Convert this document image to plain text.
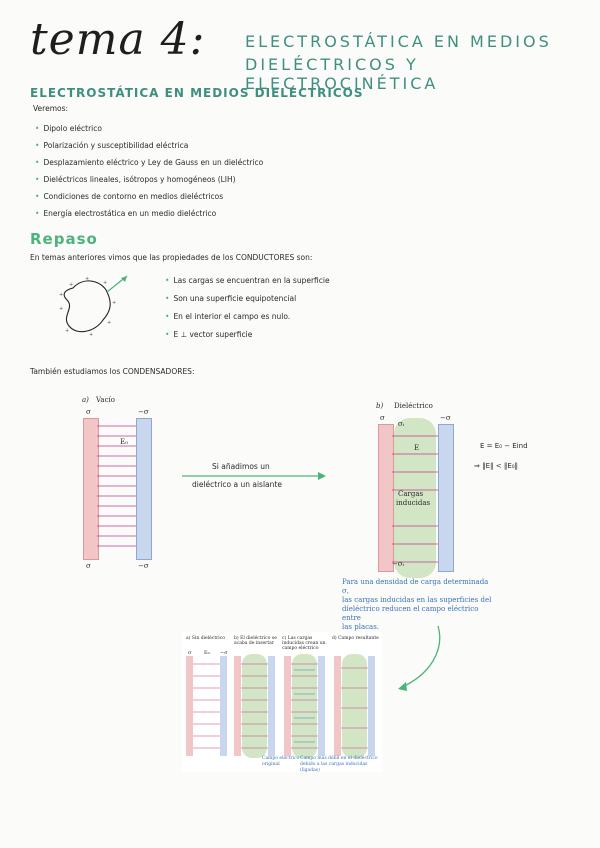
tema 4: ELECTROSTÁTICA EN MEDIOS
DIELÉCTRICOS Y ELECTROCINÉTICA
ELECTROSTÁTICA EN MEDIOS DIELÉCTRICOS
Veremos:
• Dipolo eléctrico
• Polarización y susceptibilidad eléctrica
• Desplazamiento eléctrico y Ley de Gauss en un dieléctrico
• Dieléctricos lineales, isótropos y homogéneos (LIH)
• Condiciones de contorno en medios dieléctricos
• Energía electrostática en un medio dieléctrico
Repaso
En temas anteriores vimos que las propiedades de los CONDUCTORES son:
+
+
+
+
+
+
+
+
+
• Las cargas se encuentran en la superficie
• Son una superficie equipotencial
• En el interior el campo es nulo.
• E ⊥ vector superficie
También estudiamos los CONDENSADORES:
a) Vacío
σ	−σ
E₀
σ	−σ
Si añadimos un
dieléctrico a un aislante
b) Dieléctrico
σ	−σ
σᵢ
E
Cargas
inducidas
−σᵢ
Para una densidad de carga determinada σ,
las cargas inducidas en las superficies del
dieléctrico reducen el campo eléctrico entre
las placas.
E = E₀ − Eind
⇒ ‖E‖ < ‖E₀‖
a) Sin dieléctrico	b) El dieléctrico se acaba de insertar
c) Las cargas inducidas crean un campo eléctrico
d) Campo resultante
σ	E₀ −σ
Campo eléctrico
original
Campo más débil en el dieléctrico
debido a las cargas inducidas (ligadas)
